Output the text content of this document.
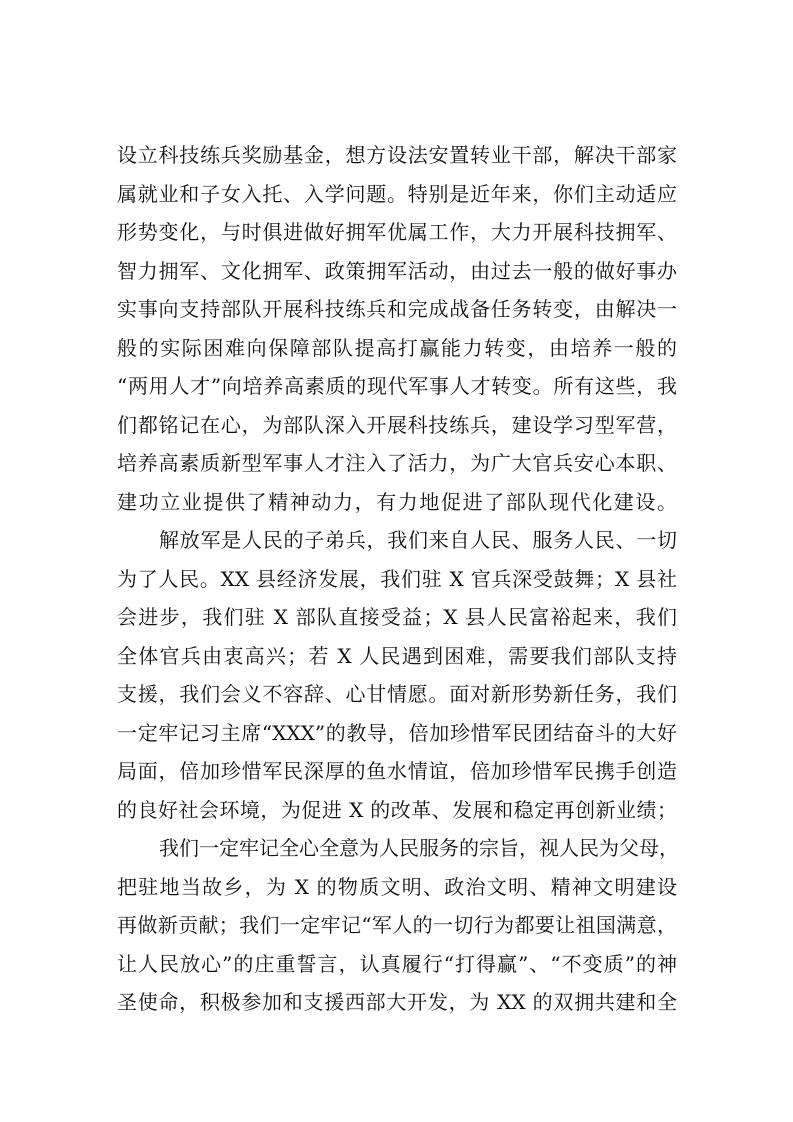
设立科技练兵奖励基金，想方设法安置转业干部，解决干部家
属就业和子女入托、入学问题。特别是近年来，你们主动适应
形势变化，与时俱进做好拥军优属工作，大力开展科技拥军、
智力拥军、文化拥军、政策拥军活动，由过去一般的做好事办
实事向支持部队开展科技练兵和完成战备任务转变，由解决一
般的实际困难向保障部队提高打赢能力转变，由培养一般的
“两用人才”向培养高素质的现代军事人才转变。所有这些，我
们都铭记在心，为部队深入开展科技练兵，建设学习型军营，
培养高素质新型军事人才注入了活力，为广大官兵安心本职、
建功立业提供了精神动力，有力地促进了部队现代化建设。
解放军是人民的子弟兵，我们来自人民、服务人民、一切
为了人民。XX 县经济发展，我们驻 X 官兵深受鼓舞；X 县社
会进步，我们驻 X 部队直接受益；X 县人民富裕起来，我们
全体官兵由衷高兴；若 X 人民遇到困难，需要我们部队支持
支援，我们会义不容辞、心甘情愿。面对新形势新任务，我们
一定牢记习主席“XXX”的教导，倍加珍惜军民团结奋斗的大好
局面，倍加珍惜军民深厚的鱼水情谊，倍加珍惜军民携手创造
的良好社会环境，为促进 X 的改革、发展和稳定再创新业绩；
我们一定牢记全心全意为人民服务的宗旨，视人民为父母，
把驻地当故乡，为 X 的物质文明、政治文明、精神文明建设
再做新贡献；我们一定牢记“军人的一切行为都要让祖国满意，
让人民放心”的庄重誓言，认真履行“打得赢”、“不变质”的神
圣使命，积极参加和支援西部大开发，为 XX 的双拥共建和全
